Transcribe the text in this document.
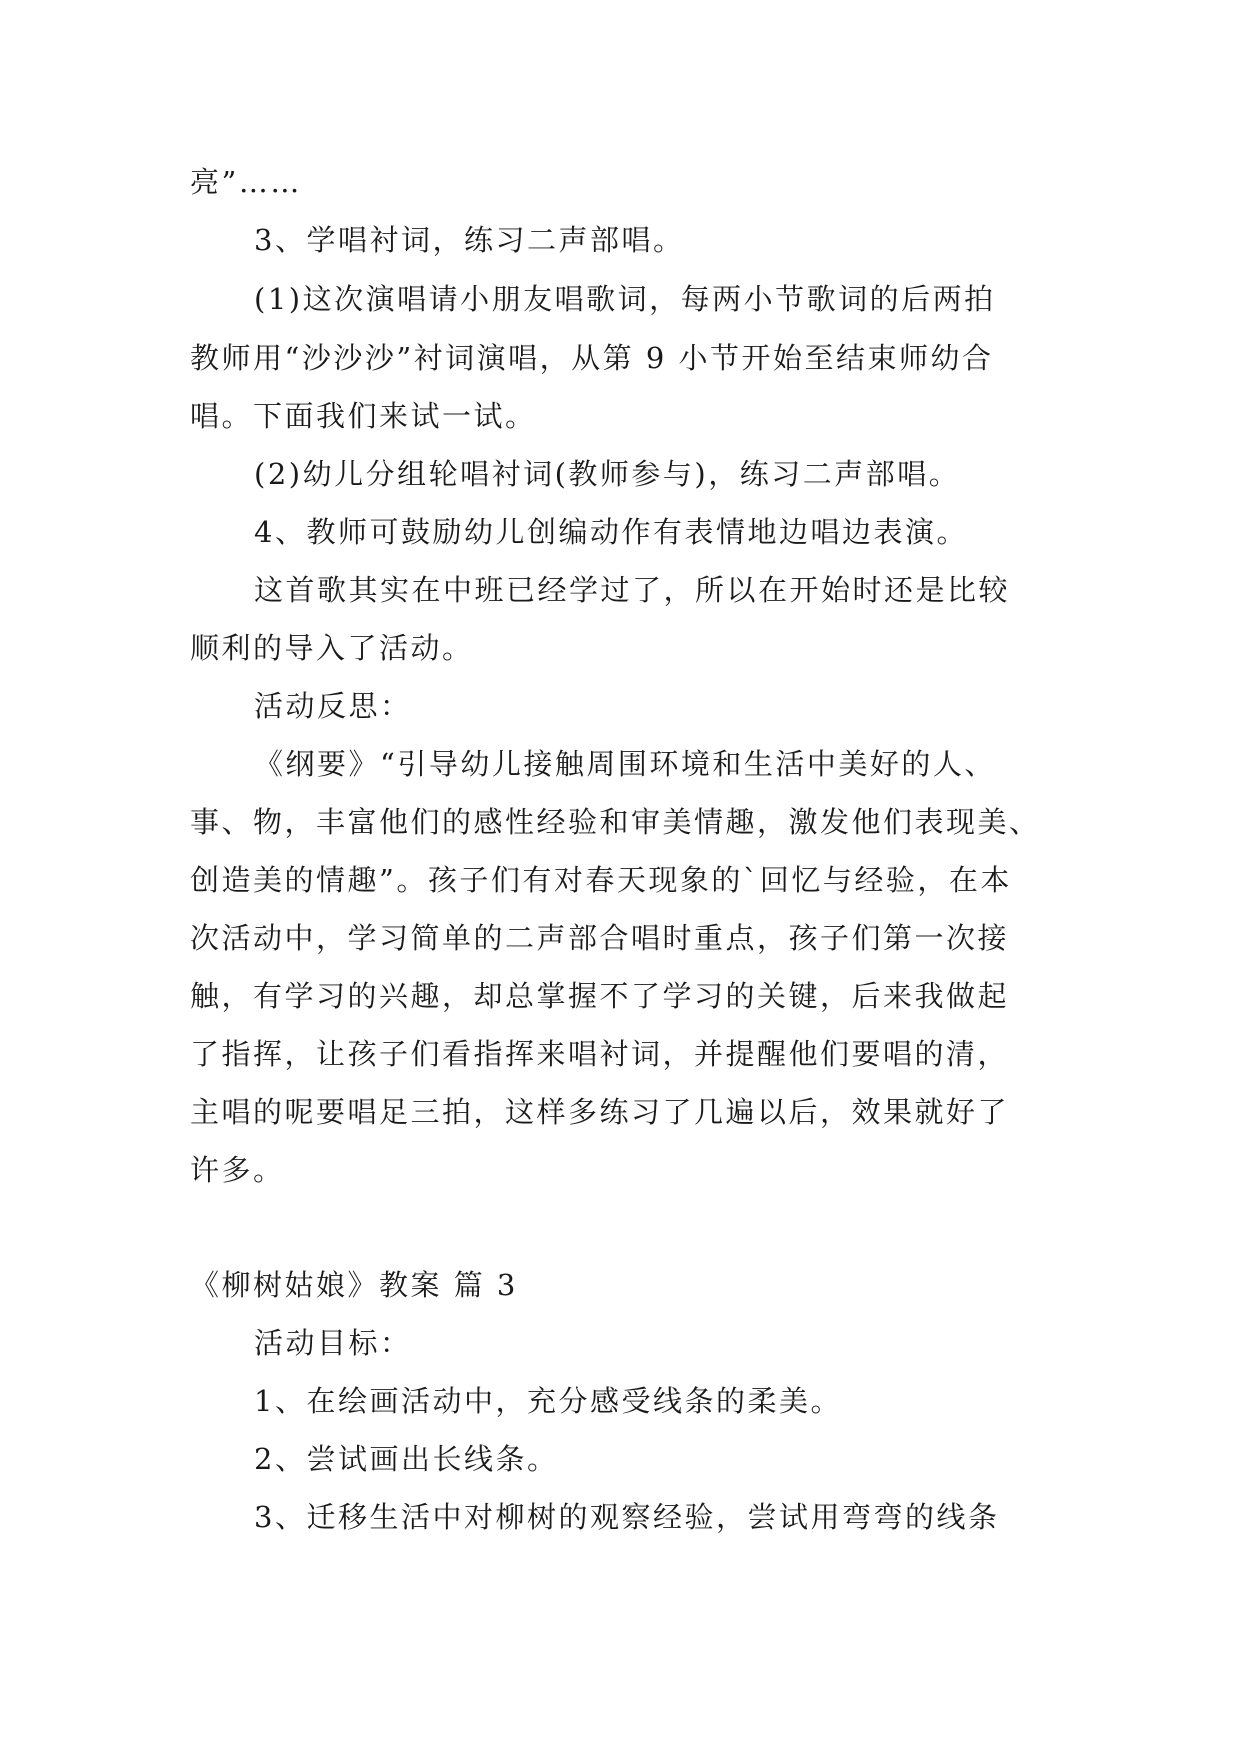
亮”……
3、学唱衬词，练习二声部唱。
(1)这次演唱请小朋友唱歌词，每两小节歌词的后两拍
教师用“沙沙沙”衬词演唱，从第 9 小节开始至结束师幼合
唱。下面我们来试一试。
(2)幼儿分组轮唱衬词(教师参与)，练习二声部唱。
4、教师可鼓励幼儿创编动作有表情地边唱边表演。
这首歌其实在中班已经学过了，所以在开始时还是比较
顺利的导入了活动。
活动反思：
《纲要》“引导幼儿接触周围环境和生活中美好的人、
事、物，丰富他们的感性经验和审美情趣，激发他们表现美、
创造美的情趣”。孩子们有对春天现象的`回忆与经验，在本
次活动中，学习简单的二声部合唱时重点，孩子们第一次接
触，有学习的兴趣，却总掌握不了学习的关键，后来我做起
了指挥，让孩子们看指挥来唱衬词，并提醒他们要唱的清，
主唱的呢要唱足三拍，这样多练习了几遍以后，效果就好了
许多。
《柳树姑娘》教案 篇 3
活动目标：
1、在绘画活动中，充分感受线条的柔美。
2、尝试画出长线条。
3、迁移生活中对柳树的观察经验，尝试用弯弯的线条
